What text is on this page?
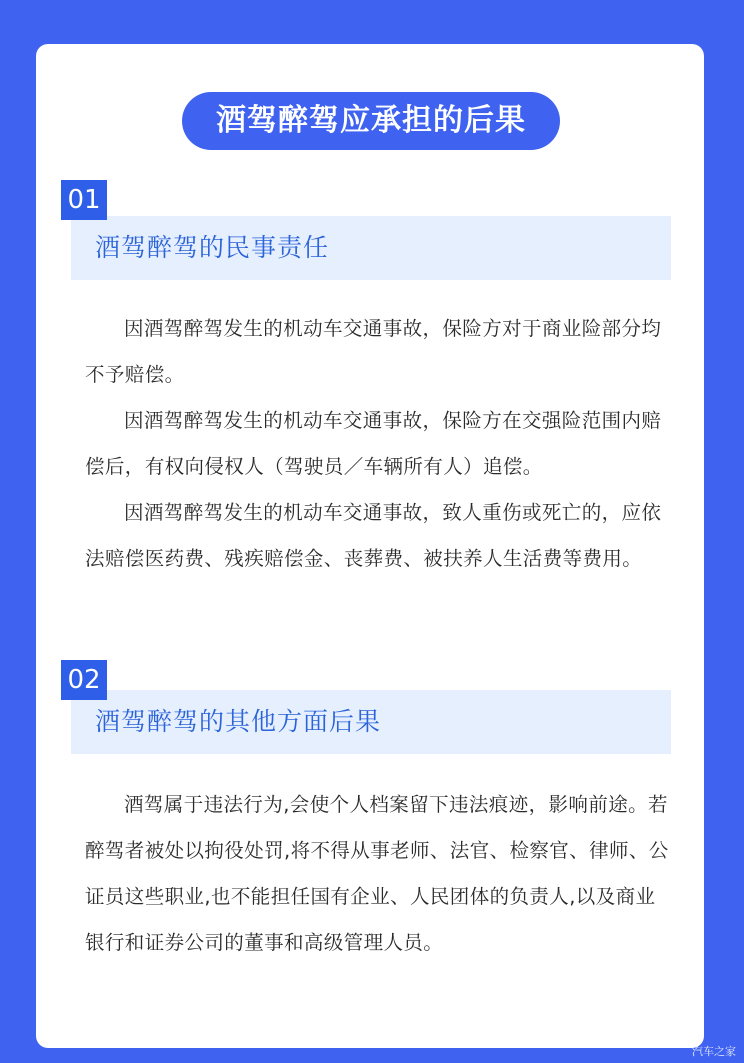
酒驾醉驾应承担的后果
01
酒驾醉驾的民事责任

因酒驾醉驾发生的机动车交通事故，保险方对于商业险部分均不予赔偿。

因酒驾醉驾发生的机动车交通事故，保险方在交强险范围内赔偿后，有权向侵权人（驾驶员／车辆所有人）追偿。

因酒驾醉驾发生的机动车交通事故，致人重伤或死亡的，应依法赔偿医药费、残疾赔偿金、丧葬费、被扶养人生活费等费用。

02
酒驾醉驾的其他方面后果

酒驾属于违法行为,会使个人档案留下违法痕迹，影响前途。若醉驾者被处以拘役处罚,将不得从事老师、法官、检察官、律师、公证员这些职业,也不能担任国有企业、人民团体的负责人,以及商业银行和证券公司的董事和高级管理人员。

汽车之家
